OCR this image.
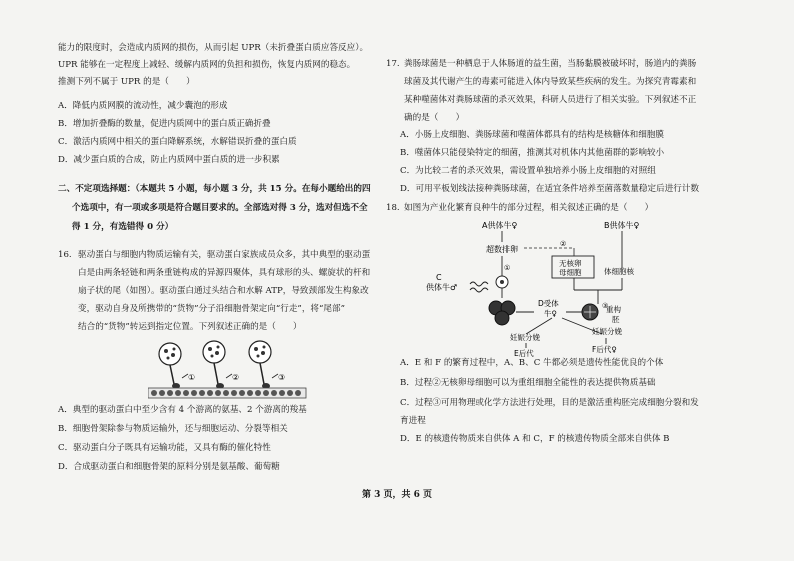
能力的限度时，会造成内质网的损伤，从而引起 UPR（未折叠蛋白质应答反应）。
UPR 能够在一定程度上减轻、缓解内质网的负担和损伤，恢复内质网的稳态。
推测下列不属于 UPR 的是（　　）
A．降低内质网膜的流动性，减少囊泡的形成
B．增加折叠酶的数量，促进内质网中的蛋白质正确折叠
C．激活内质网中相关的蛋白降解系统，水解错误折叠的蛋白质
D．减少蛋白质的合成，防止内质网中蛋白质的进一步积累
二、不定项选择题：（本题共 5 小题，每小题 3 分，共 15 分。在每小题给出的四
个选项中，有一项或多项是符合题目要求的。全部选对得 3 分，选对但选不全
得 1 分，有选错得 0 分）
16. 驱动蛋白与细胞内物质运输有关，驱动蛋白家族成员众多，其中典型的驱动蛋
白是由两条轻链和两条重链构成的异源四聚体，具有球形的头、螺旋状的杆和
扇子状的尾（如图）。驱动蛋白通过头结合和水解 ATP，导致颈部发生构象改
变，驱动自身及所携带的“货物”分子沿细胞骨架定向“行走”，将“尾部”
结合的“货物”转运到指定位置。下列叙述正确的是（　　）
①	②	③
A．典型的驱动蛋白中至少含有 4 个游离的氨基、2 个游离的羧基
B．细胞骨架除参与物质运输外，还与细胞运动、分裂等相关
C．驱动蛋白分子既具有运输功能，又具有酶的催化特性
D．合成驱动蛋白和细胞骨架的原料分别是氨基酸、葡萄糖
17. 粪肠球菌是一种栖息于人体肠道的益生菌，当肠黏膜被破坏时，肠道内的粪肠
球菌及其代谢产生的毒素可能进入体内导致某些疾病的发生。为探究青霉素和
某种噬菌体对粪肠球菌的杀灭效果，科研人员进行了相关实验。下列叙述不正
确的是（　　）
A．小肠上皮细胞、粪肠球菌和噬菌体都具有的结构是核糖体和细胞膜
B．噬菌体只能侵染特定的细菌，推测其对机体内其他菌群的影响较小
C．为比较二者的杀灭效果，需设置单独培养小肠上皮细胞的对照组
D．可用平板划线法接种粪肠球菌，在适宜条件培养至菌落数量稳定后进行计数
18. 如图为产业化繁育良种牛的部分过程，相关叙述正确的是（　　）
A供体牛♀	B供体牛♀
超数排卵
①
②
无核卵
母细胞	体细胞核
C
供体牛♂
D受体
牛♀
③
重构
胚
妊娠分娩
妊娠分娩
E后代	F后代♀
A．E 和 F 的繁育过程中，A、B、C 牛都必须是遗传性能优良的个体
B．过程②无核卵母细胞可以为重组细胞全能性的表达提供物质基础
C．过程③可用物理或化学方法进行处理，目的是激活重构胚完成细胞分裂和发
育进程
D．E 的核遗传物质来自供体 A 和 C，F 的核遗传物质全部来自供体 B
第 3 页，共 6 页
